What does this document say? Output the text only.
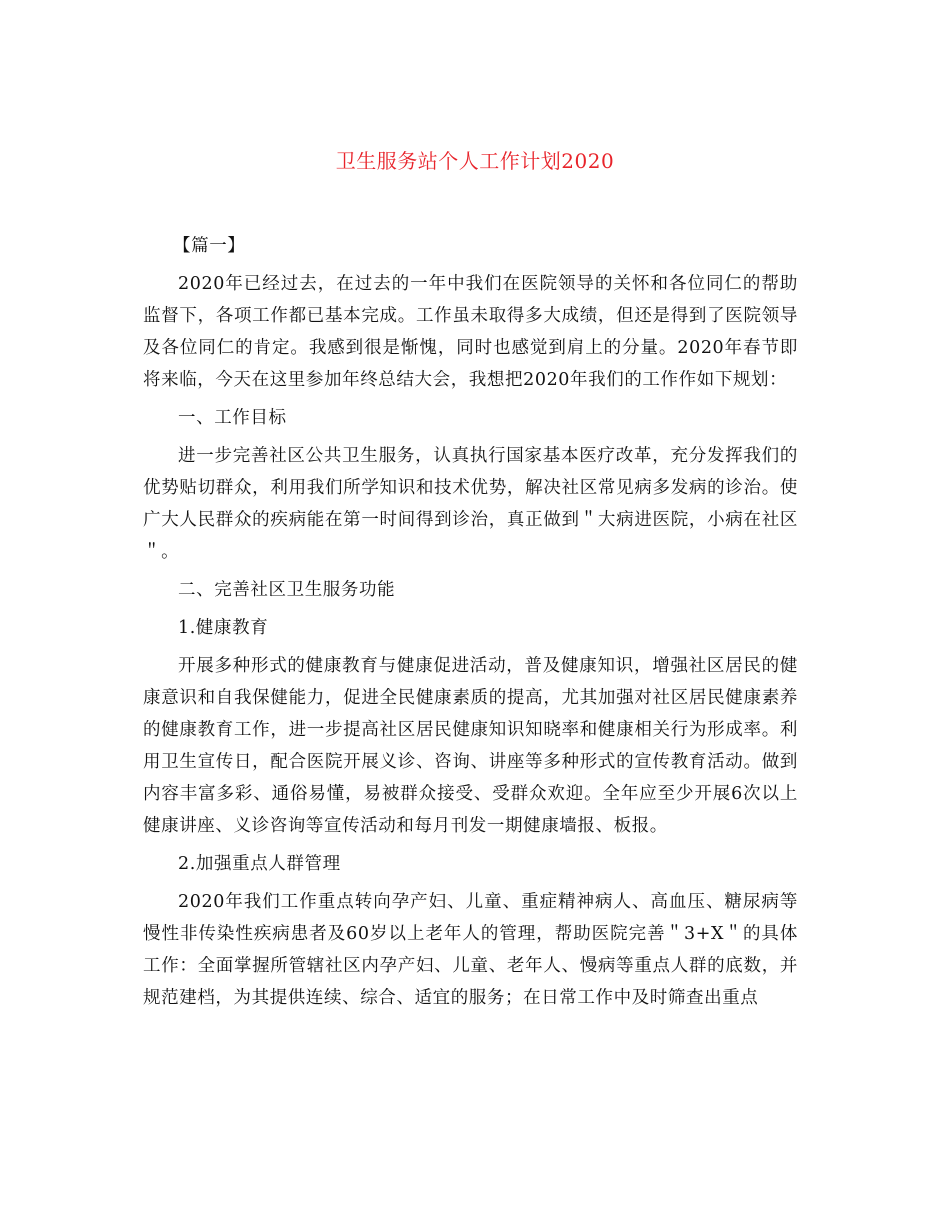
卫生服务站个人工作计划2020

【篇一】

2020年已经过去，在过去的一年中我们在医院领导的关怀和各位同仁的帮助监督下，各项工作都已基本完成。工作虽未取得多大成绩，但还是得到了医院领导及各位同仁的肯定。我感到很是惭愧，同时也感觉到肩上的分量。2020年春节即将来临，今天在这里参加年终总结大会，我想把2020年我们的工作作如下规划：

一、工作目标

进一步完善社区公共卫生服务，认真执行国家基本医疗改革，充分发挥我们的优势贴切群众，利用我们所学知识和技术优势，解决社区常见病多发病的诊治。使广大人民群众的疾病能在第一时间得到诊治，真正做到＂大病进医院，小病在社区＂。

二、完善社区卫生服务功能

1.健康教育

开展多种形式的健康教育与健康促进活动，普及健康知识，增强社区居民的健康意识和自我保健能力，促进全民健康素质的提高，尤其加强对社区居民健康素养的健康教育工作，进一步提高社区居民健康知识知晓率和健康相关行为形成率。利用卫生宣传日，配合医院开展义诊、咨询、讲座等多种形式的宣传教育活动。做到内容丰富多彩、通俗易懂，易被群众接受、受群众欢迎。全年应至少开展6次以上健康讲座、义诊咨询等宣传活动和每月刊发一期健康墙报、板报。

2.加强重点人群管理

2020年我们工作重点转向孕产妇、儿童、重症精神病人、高血压、糖尿病等慢性非传染性疾病患者及60岁以上老年人的管理，帮助医院完善＂3+X＂的具体工作：全面掌握所管辖社区内孕产妇、儿童、老年人、慢病等重点人群的底数，并规范建档，为其提供连续、综合、适宜的服务；在日常工作中及时筛查出重点
